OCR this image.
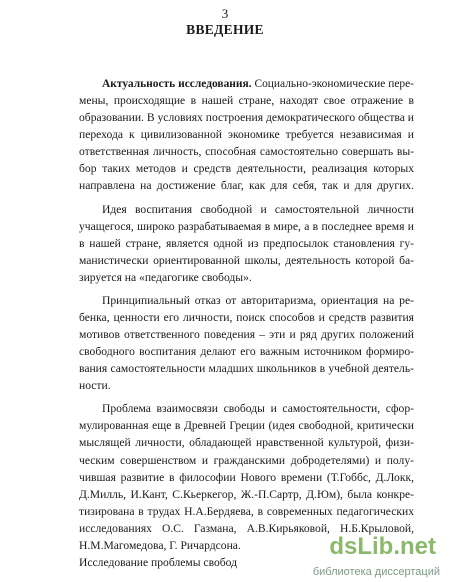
3
ВВЕДЕНИЕ
Актуальность исследования. Социально-экономические пере-
мены, происходящие в нашей стране, находят свое отражение в
образовании. В условиях построения демократического общества и
перехода к цивилизованной экономике требуется независимая и
ответственная личность, способная самостоятельно совершать вы-
бор таких методов и средств деятельности, реализация которых
направлена на достижение благ, как для себя, так и для других.
Идея воспитания свободной и самостоятельной личности
учащегося, широко разрабатываемая в мире, а в последнее время и
в нашей стране, является одной из предпосылок становления гу-
манистически ориентированной школы, деятельность которой ба-
зируется на «педагогике свободы».
Принципиальный отказ от авторитаризма, ориентация на ре-
бенка, ценности его личности, поиск способов и средств развития
мотивов ответственного поведения – эти и ряд других положений
свободного воспитания делают его важным источником формиро-
вания самостоятельности младших школьников в учебной деятель-
ности.
Проблема взаимосвязи свободы и самостоятельности, сфор-
мулированная еще в Древней Греции (идея свободной, критически
мыслящей личности, обладающей нравственной культурой, физи-
ческим совершенством и гражданскими добродетелями) и полу-
чившая развитие в философии Нового времени (Т.Гоббс, Д.Локк,
Д.Милль, И.Кант, С.Кьеркегор, Ж.-П.Сартр, Д.Юм), была конкре-
тизирована в трудах Н.А.Бердяева, в современных педагогических
исследованиях О.С. Газмана, А.В.Кирьяковой, Н.Б.Крыловой,
Н.М.Магомедова, Г. Ричардсона.
Исследование проблемы свобод
dsLib.net
библиотека диссертаций
